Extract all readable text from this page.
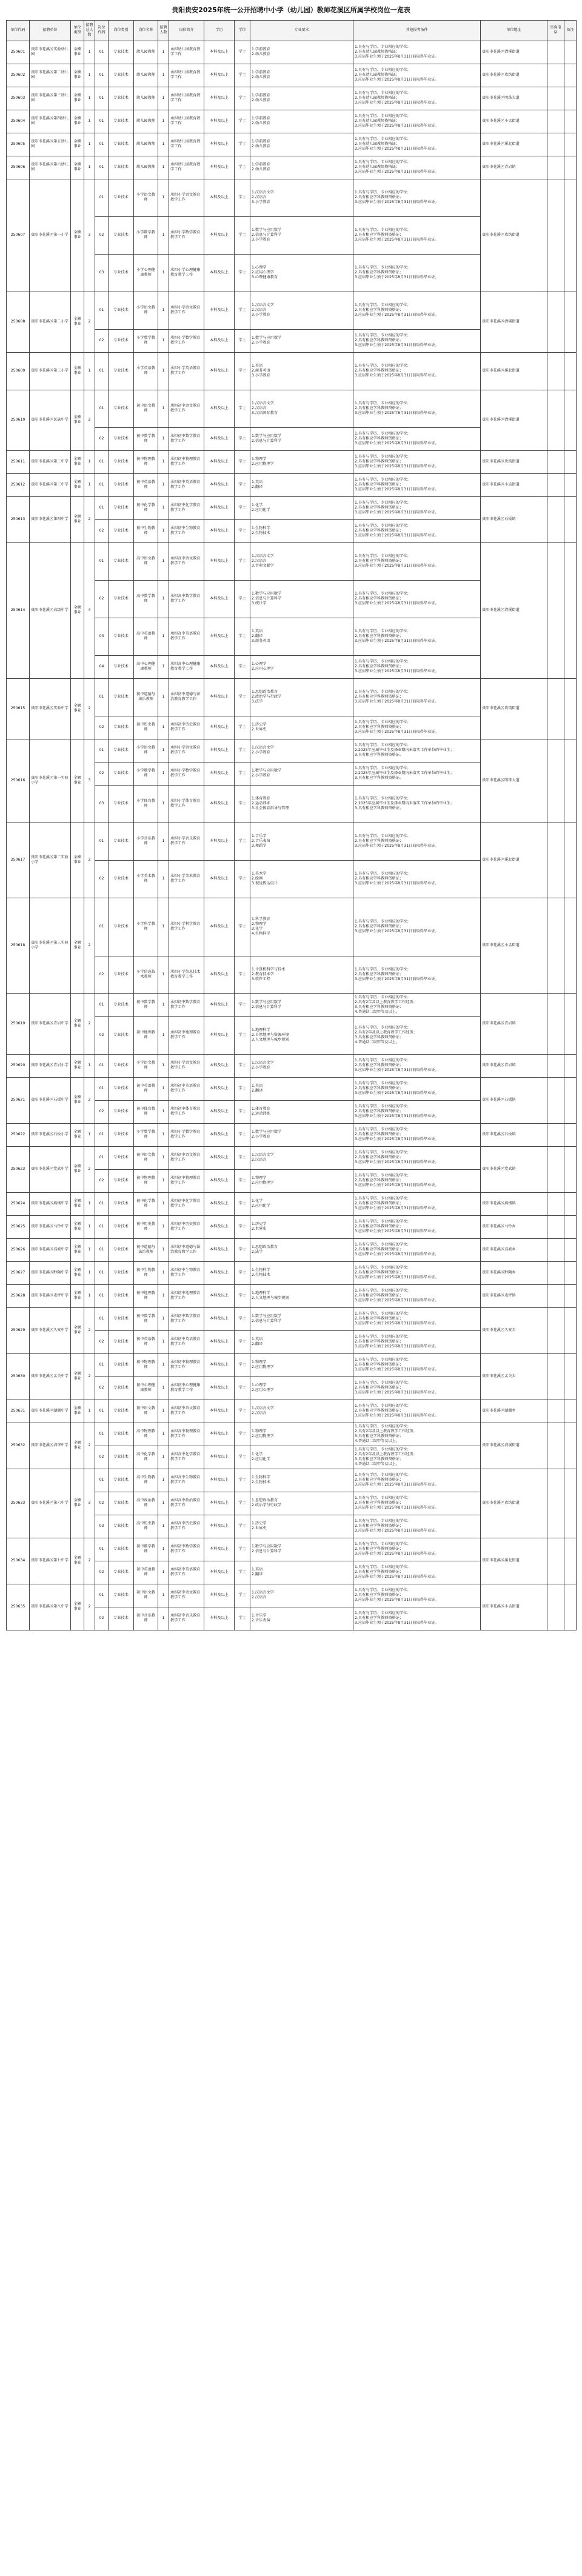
贵阳贵安2025年统一公开招聘中小学（幼儿园）教师花溪区所属学校岗位一览表
单位代码	招聘单位	单位类型	招聘总人数	岗位代码	岗位类别	岗位名称	招聘人数	岗位简介	学历	学位	专业要求	其他报考条件	单位地址	咨询电话	备注

250601	贵阳市花溪区实验幼儿园	全额事业	1	01	专业技术	幼儿园教师	1	承担幼儿园教育教学工作	本科及以上	学士	1.学前教育
2.幼儿教育	1.具有与学历、专业相应的学位；
2.具有幼儿园教师资格证；
3.应届毕业生须于2025年8月31日前取得毕业证。	贵阳市花溪区清溪街道		

250602	贵阳市花溪区第二幼儿园	全额事业	1	01	专业技术	幼儿园教师	1	承担幼儿园教育教学工作	本科及以上	学士	1.学前教育
2.幼儿教育	1.具有与学历、专业相应的学位；
2.具有幼儿园教师资格证；
3.应届毕业生须于2025年8月31日前取得毕业证。	贵阳市花溪区贵筑街道		

250603	贵阳市花溪区第三幼儿园	全额事业	1	01	专业技术	幼儿园教师	1	承担幼儿园教育教学工作	本科及以上	学士	1.学前教育
2.幼儿教育	1.具有与学历、专业相应的学位；
2.具有幼儿园教师资格证；
3.应届毕业生须于2025年8月31日前取得毕业证。	贵阳市花溪区明珠大道		

250604	贵阳市花溪区第四幼儿园	全额事业	1	01	专业技术	幼儿园教师	1	承担幼儿园教育教学工作	本科及以上	学士	1.学前教育
2.幼儿教育	1.具有与学历、专业相应的学位；
2.具有幼儿园教师资格证；
3.应届毕业生须于2025年8月31日前取得毕业证。	贵阳市花溪区小孟街道		

250605	贵阳市花溪区第五幼儿园	全额事业	1	01	专业技术	幼儿园教师	1	承担幼儿园教育教学工作	本科及以上	学士	1.学前教育
2.幼儿教育	1.具有与学历、专业相应的学位；
2.具有幼儿园教师资格证；
3.应届毕业生须于2025年8月31日前取得毕业证。	贵阳市花溪区溪北街道		

250606	贵阳市花溪区第六幼儿园	全额事业	1	01	专业技术	幼儿园教师	1	承担幼儿园教育教学工作	本科及以上	学士	1.学前教育
2.幼儿教育	1.具有与学历、专业相应的学位；
2.具有幼儿园教师资格证；
3.应届毕业生须于2025年8月31日前取得毕业证。	贵阳市花溪区青岩镇		

250607	贵阳市花溪区第一小学	全额事业	3	01	专业技术	小学语文教师	1	承担小学语文教育教学工作	本科及以上	学士	1.汉语言文学
2.汉语言
3.小学教育	1.具有与学历、专业相应的学位；
2.具有相应学科教师资格证；
3.应届毕业生须于2025年8月31日前取得毕业证。	贵阳市花溪区贵筑街道		

				02	专业技术	小学数学教师	1	承担小学数学教育教学工作	本科及以上	学士	1.数学与应用数学
2.信息与计算科学
3.小学教育	1.具有与学历、专业相应的学位；
2.具有相应学科教师资格证；
3.应届毕业生须于2025年8月31日前取得毕业证。			

				03	专业技术	小学心理健康教师	1	承担小学心理健康教育教学工作	本科及以上	学士	1.心理学
2.应用心理学
3.心理健康教育	1.具有与学历、专业相应的学位；
2.具有相应学科教师资格证；
3.应届毕业生须于2025年8月31日前取得毕业证。			

250608	贵阳市花溪区第二小学	全额事业	2	01	专业技术	小学语文教师	1	承担小学语文教育教学工作	本科及以上	学士	1.汉语言文学
2.汉语言
3.小学教育	1.具有与学历、专业相应的学位；
2.具有相应学科教师资格证；
3.应届毕业生须于2025年8月31日前取得毕业证。	贵阳市花溪区清溪街道		

				02	专业技术	小学数学教师	1	承担小学数学教育教学工作	本科及以上	学士	1.数学与应用数学
2.小学教育	1.具有与学历、专业相应的学位；
2.具有相应学科教师资格证；
3.应届毕业生须于2025年8月31日前取得毕业证。			

250609	贵阳市花溪区第三小学	全额事业	1	01	专业技术	小学英语教师	1	承担小学英语教育教学工作	本科及以上	学士	1.英语
2.商务英语
3.小学教育	1.具有与学历、专业相应的学位；
2.具有相应学科教师资格证；
3.应届毕业生须于2025年8月31日前取得毕业证。	贵阳市花溪区溪北街道		

250610	贵阳市花溪区民族中学	全额事业	2	01	专业技术	初中语文教师	1	承担初中语文教育教学工作	本科及以上	学士	1.汉语言文学
2.汉语言
3.汉语国际教育	1.具有与学历、专业相应的学位；
2.具有相应学科教师资格证；
3.应届毕业生须于2025年8月31日前取得毕业证。	贵阳市花溪区清溪街道		

				02	专业技术	初中数学教师	1	承担初中数学教育教学工作	本科及以上	学士	1.数学与应用数学
2.信息与计算科学	1.具有与学历、专业相应的学位；
2.具有相应学科教师资格证；
3.应届毕业生须于2025年8月31日前取得毕业证。			

250611	贵阳市花溪区第二中学	全额事业	1	01	专业技术	初中物理教师	1	承担初中物理教育教学工作	本科及以上	学士	1.物理学
2.应用物理学	1.具有与学历、专业相应的学位；
2.具有相应学科教师资格证；
3.应届毕业生须于2025年8月31日前取得毕业证。	贵阳市花溪区贵筑街道		

250612	贵阳市花溪区第三中学	全额事业	1	01	专业技术	初中英语教师	1	承担初中英语教育教学工作	本科及以上	学士	1.英语
2.翻译	1.具有与学历、专业相应的学位；
2.具有相应学科教师资格证；
3.应届毕业生须于2025年8月31日前取得毕业证。	贵阳市花溪区小孟街道		

250613	贵阳市花溪区第四中学	全额事业	2	01	专业技术	初中化学教师	1	承担初中化学教育教学工作	本科及以上	学士	1.化学
2.应用化学	1.具有与学历、专业相应的学位；
2.具有相应学科教师资格证；
3.应届毕业生须于2025年8月31日前取得毕业证。	贵阳市花溪区石板镇		

				02	专业技术	初中生物教师	1	承担初中生物教育教学工作	本科及以上	学士	1.生物科学
2.生物技术	1.具有与学历、专业相应的学位；
2.具有相应学科教师资格证；
3.应届毕业生须于2025年8月31日前取得毕业证。			

250614	贵阳市花溪区高级中学	全额事业	4	01	专业技术	高中语文教师	1	承担高中语文教育教学工作	本科及以上	学士	1.汉语言文学
2.汉语言
3.古典文献学	1.具有与学历、专业相应的学位；
2.具有相应学科教师资格证；
3.应届毕业生须于2025年8月31日前取得毕业证。	贵阳市花溪区清溪街道		

				02	专业技术	高中数学教师	1	承担高中数学教育教学工作	本科及以上	学士	1.数学与应用数学
2.信息与计算科学
3.统计学	1.具有与学历、专业相应的学位；
2.具有相应学科教师资格证；
3.应届毕业生须于2025年8月31日前取得毕业证。			

				03	专业技术	高中英语教师	1	承担高中英语教育教学工作	本科及以上	学士	1.英语
2.翻译
3.商务英语	1.具有与学历、专业相应的学位；
2.具有相应学科教师资格证；
3.应届毕业生须于2025年8月31日前取得毕业证。			

				04	专业技术	高中心理健康教师	1	承担高中心理健康教育教学工作	本科及以上	学士	1.心理学
2.应用心理学	1.具有与学历、专业相应的学位；
2.具有相应学科教师资格证；
3.应届毕业生须于2025年8月31日前取得毕业证。			

250615	贵阳市花溪区实验中学	全额事业	2	01	专业技术	初中道德与法治教师	1	承担初中道德与法治教育教学工作	本科及以上	学士	1.思想政治教育
2.政治学与行政学
3.法学	1.具有与学历、专业相应的学位；
2.具有相应学科教师资格证；
3.应届毕业生须于2025年8月31日前取得毕业证。	贵阳市花溪区贵筑街道		

				02	专业技术	初中历史教师	1	承担初中历史教育教学工作	本科及以上	学士	1.历史学
2.世界史	1.具有与学历、专业相应的学位；
2.具有相应学科教师资格证；
3.应届毕业生须于2025年8月31日前取得毕业证。			

250616	贵阳市花溪区第一实验小学	全额事业	3	01	专业技术	小学语文教师	1	承担小学语文教育教学工作	本科及以上	学士	1.汉语言文学
2.小学教育	1.具有与学历、专业相应的学位；
2.2025年应届毕业生及择业期内未落实工作单位的毕业生；
3.具有相应学科教师资格证。	贵阳市花溪区明珠大道		

				02	专业技术	小学数学教师	1	承担小学数学教育教学工作	本科及以上	学士	1.数学与应用数学
2.小学教育	1.具有与学历、专业相应的学位；
2.2025年应届毕业生及择业期内未落实工作单位的毕业生；
3.具有相应学科教师资格证。			

				03	专业技术	小学体育教师	1	承担小学体育教育教学工作	本科及以上	学士	1.体育教育
2.运动训练
3.社会体育指导与管理	1.具有与学历、专业相应的学位；
2.2025年应届毕业生及择业期内未落实工作单位的毕业生；
3.具有相应学科教师资格证。			

250617	贵阳市花溪区第二实验小学	全额事业	2	01	专业技术	小学音乐教师	1	承担小学音乐教育教学工作	本科及以上	学士	1.音乐学
2.音乐表演
3.舞蹈学	1.具有与学历、专业相应的学位；
2.具有相应学科教师资格证；
3.应届毕业生须于2025年8月31日前取得毕业证。	贵阳市花溪区溪北街道		

				02	专业技术	小学美术教师	1	承担小学美术教育教学工作	本科及以上	学士	1.美术学
2.绘画
3.视觉传达设计	1.具有与学历、专业相应的学位；
2.具有相应学科教师资格证；
3.应届毕业生须于2025年8月31日前取得毕业证。			

250618	贵阳市花溪区第三实验小学	全额事业	2	01	专业技术	小学科学教师	1	承担小学科学教育教学工作	本科及以上	学士	1.科学教育
2.物理学
3.化学
4.生物科学	1.具有与学历、专业相应的学位；
2.具有相应学科教师资格证；
3.应届毕业生须于2025年8月31日前取得毕业证。	贵阳市花溪区小孟街道		

				02	专业技术	小学信息技术教师	1	承担小学信息技术教育教学工作	本科及以上	学士	1.计算机科学与技术
2.教育技术学
3.软件工程	1.具有与学历、专业相应的学位；
2.具有相应学科教师资格证；
3.应届毕业生须于2025年8月31日前取得毕业证。			

250619	贵阳市花溪区青岩中学	全额事业	2	01	专业技术	初中数学教师	1	承担初中数学教育教学工作	本科及以上	学士	1.数学与应用数学
2.信息与计算科学	1.具有与学历、专业相应的学位；
2.具有2年及以上教育教学工作经历；
3.具有相应学科教师资格证；
4.普通话二级甲等及以上。	贵阳市花溪区青岩镇		

				02	专业技术	初中地理教师	1	承担初中地理教育教学工作	本科及以上	学士	1.地理科学
2.自然地理与资源环境
3.人文地理与城乡规划	1.具有与学历、专业相应的学位；
2.具有2年及以上教育教学工作经历；
3.具有相应学科教师资格证；
4.普通话二级甲等及以上。			

250620	贵阳市花溪区青岩小学	全额事业	1	01	专业技术	小学语文教师	1	承担小学语文教育教学工作	本科及以上	学士	1.汉语言文学
2.小学教育	1.具有与学历、专业相应的学位；
2.具有相应学科教师资格证；
3.应届毕业生须于2025年8月31日前取得毕业证。	贵阳市花溪区青岩镇		

250621	贵阳市花溪区石板中学	全额事业	2	01	专业技术	初中英语教师	1	承担初中英语教育教学工作	本科及以上	学士	1.英语
2.翻译	1.具有与学历、专业相应的学位；
2.具有相应学科教师资格证；
3.应届毕业生须于2025年8月31日前取得毕业证。	贵阳市花溪区石板镇		

				02	专业技术	初中体育教师	1	承担初中体育教育教学工作	本科及以上	学士	1.体育教育
2.运动训练	1.具有与学历、专业相应的学位；
2.具有相应学科教师资格证；
3.应届毕业生须于2025年8月31日前取得毕业证。			

250622	贵阳市花溪区石板小学	全额事业	1	01	专业技术	小学数学教师	1	承担小学数学教育教学工作	本科及以上	学士	1.数学与应用数学
2.小学教育	1.具有与学历、专业相应的学位；
2.具有相应学科教师资格证；
3.应届毕业生须于2025年8月31日前取得毕业证。	贵阳市花溪区石板镇		

250623	贵阳市花溪区党武中学	全额事业	2	01	专业技术	初中语文教师	1	承担初中语文教育教学工作	本科及以上	学士	1.汉语言文学
2.汉语言	1.具有与学历、专业相应的学位；
2.具有相应学科教师资格证；
3.应届毕业生须于2025年8月31日前取得毕业证。	贵阳市花溪区党武镇		

				02	专业技术	初中物理教师	1	承担初中物理教育教学工作	本科及以上	学士	1.物理学
2.应用物理学	1.具有与学历、专业相应的学位；
2.具有相应学科教师资格证；
3.应届毕业生须于2025年8月31日前取得毕业证。			

250624	贵阳市花溪区燕楼中学	全额事业	1	01	专业技术	初中化学教师	1	承担初中化学教育教学工作	本科及以上	学士	1.化学
2.应用化学	1.具有与学历、专业相应的学位；
2.具有相应学科教师资格证；
3.应届毕业生须于2025年8月31日前取得毕业证。	贵阳市花溪区燕楼镇		

250625	贵阳市花溪区马铃中学	全额事业	1	01	专业技术	初中历史教师	1	承担初中历史教育教学工作	本科及以上	学士	1.历史学
2.世界史	1.具有与学历、专业相应的学位；
2.具有相应学科教师资格证；
3.应届毕业生须于2025年8月31日前取得毕业证。	贵阳市花溪区马铃乡		

250626	贵阳市花溪区高坡中学	全额事业	1	01	专业技术	初中道德与法治教师	1	承担初中道德与法治教育教学工作	本科及以上	学士	1.思想政治教育
2.法学	1.具有与学历、专业相应的学位；
2.具有相应学科教师资格证；
3.应届毕业生须于2025年8月31日前取得毕业证。	贵阳市花溪区高坡乡		

250627	贵阳市花溪区黔陶中学	全额事业	1	01	专业技术	初中生物教师	1	承担初中生物教育教学工作	本科及以上	学士	1.生物科学
2.生物技术	1.具有与学历、专业相应的学位；
2.具有相应学科教师资格证；
3.应届毕业生须于2025年8月31日前取得毕业证。	贵阳市花溪区黔陶乡		

250628	贵阳市花溪区麦坪中学	全额事业	1	01	专业技术	初中地理教师	1	承担初中地理教育教学工作	本科及以上	学士	1.地理科学
2.人文地理与城乡规划	1.具有与学历、专业相应的学位；
2.具有相应学科教师资格证；
3.应届毕业生须于2025年8月31日前取得毕业证。	贵阳市花溪区麦坪镇		

250629	贵阳市花溪区久安中学	全额事业	2	01	专业技术	初中数学教师	1	承担初中数学教育教学工作	本科及以上	学士	1.数学与应用数学
2.信息与计算科学	1.具有与学历、专业相应的学位；
2.具有相应学科教师资格证；
3.应届毕业生须于2025年8月31日前取得毕业证。	贵阳市花溪区久安乡		

				02	专业技术	初中英语教师	1	承担初中英语教育教学工作	本科及以上	学士	1.英语
2.翻译	1.具有与学历、专业相应的学位；
2.具有相应学科教师资格证；
3.应届毕业生须于2025年8月31日前取得毕业证。			

250630	贵阳市花溪区孟关中学	全额事业	2	01	专业技术	初中物理教师	1	承担初中物理教育教学工作	本科及以上	学士	1.物理学
2.应用物理学	1.具有与学历、专业相应的学位；
2.具有相应学科教师资格证；
3.应届毕业生须于2025年8月31日前取得毕业证。	贵阳市花溪区孟关乡		

				02	专业技术	初中心理健康教师	1	承担初中心理健康教育教学工作	本科及以上	学士	1.心理学
2.应用心理学	1.具有与学历、专业相应的学位；
2.具有相应学科教师资格证；
3.应届毕业生须于2025年8月31日前取得毕业证。			

250631	贵阳市花溪区湖潮中学	全额事业	1	01	专业技术	初中语文教师	1	承担初中语文教育教学工作	本科及以上	学士	1.汉语言文学
2.汉语言	1.具有与学历、专业相应的学位；
2.具有相应学科教师资格证；
3.应届毕业生须于2025年8月31日前取得毕业证。	贵阳市花溪区湖潮乡		

250632	贵阳市花溪区清华中学	全额事业	2	01	专业技术	高中物理教师	1	承担高中物理教育教学工作	本科及以上	学士	1.物理学
2.应用物理学	1.具有与学历、专业相应的学位；
2.具有2年及以上教育教学工作经历；
3.具有相应学科教师资格证；
4.普通话二级甲等及以上。	贵阳市花溪区清溪街道		

				02	专业技术	高中化学教师	1	承担高中化学教育教学工作	本科及以上	学士	1.化学
2.应用化学	1.具有与学历、专业相应的学位；
2.具有2年及以上教育教学工作经历；
3.具有相应学科教师资格证；
4.普通话二级甲等及以上。			

250633	贵阳市花溪区第六中学	全额事业	3	01	专业技术	高中生物教师	1	承担高中生物教育教学工作	本科及以上	学士	1.生物科学
2.生物技术	1.具有与学历、专业相应的学位；
2.具有相应学科教师资格证；
3.应届毕业生须于2025年8月31日前取得毕业证。	贵阳市花溪区贵筑街道		

				02	专业技术	高中政治教师	1	承担高中政治教育教学工作	本科及以上	学士	1.思想政治教育
2.政治学与行政学	1.具有与学历、专业相应的学位；
2.具有相应学科教师资格证；
3.应届毕业生须于2025年8月31日前取得毕业证。			

				03	专业技术	高中历史教师	1	承担高中历史教育教学工作	本科及以上	学士	1.历史学
2.世界史	1.具有与学历、专业相应的学位；
2.具有相应学科教师资格证；
3.应届毕业生须于2025年8月31日前取得毕业证。			

250634	贵阳市花溪区第七中学	全额事业	2	01	专业技术	初中数学教师	1	承担初中数学教育教学工作	本科及以上	学士	1.数学与应用数学
2.信息与计算科学	1.具有与学历、专业相应的学位；
2.具有相应学科教师资格证；
3.应届毕业生须于2025年8月31日前取得毕业证。	贵阳市花溪区溪北街道		

				02	专业技术	初中英语教师	1	承担初中英语教育教学工作	本科及以上	学士	1.英语
2.翻译	1.具有与学历、专业相应的学位；
2.具有相应学科教师资格证；
3.应届毕业生须于2025年8月31日前取得毕业证。			

250635	贵阳市花溪区第八中学	全额事业	2	01	专业技术	初中语文教师	1	承担初中语文教育教学工作	本科及以上	学士	1.汉语言文学
2.汉语言	1.具有与学历、专业相应的学位；
2.具有相应学科教师资格证；
3.应届毕业生须于2025年8月31日前取得毕业证。	贵阳市花溪区小孟街道		

				02	专业技术	初中音乐教师	1	承担初中音乐教育教学工作	本科及以上	学士	1.音乐学
2.音乐表演	1.具有与学历、专业相应的学位；
2.具有相应学科教师资格证；
3.应届毕业生须于2025年8月31日前取得毕业证。			
